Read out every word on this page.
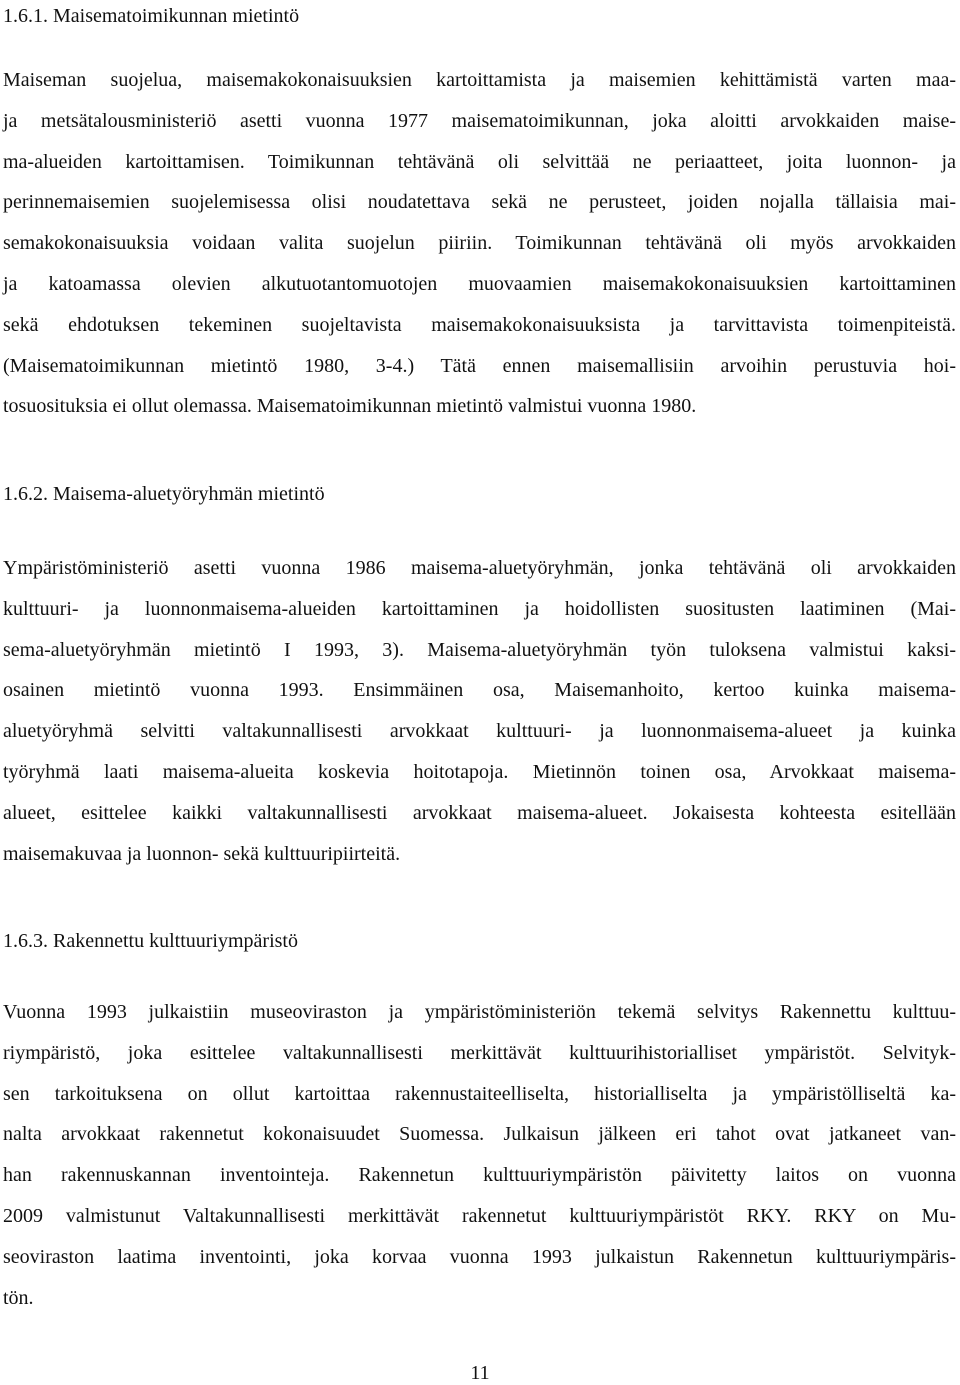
1.6.1. Maisematoimikunnan mietintö
Maiseman suojelua, maisemakokonaisuuksien kartoittamista ja maisemien kehittämistä varten maa-
ja metsätalousministeriö asetti vuonna 1977 maisematoimikunnan, joka aloitti arvokkaiden maise-
ma-alueiden kartoittamisen. Toimikunnan tehtävänä oli selvittää ne periaatteet, joita luonnon- ja
perinnemaisemien suojelemisessa olisi noudatettava sekä ne perusteet, joiden nojalla tällaisia mai-
semakokonaisuuksia voidaan valita suojelun piiriin. Toimikunnan tehtävänä oli myös arvokkaiden
ja katoamassa olevien alkutuotantomuotojen muovaamien maisemakokonaisuuksien kartoittaminen
sekä ehdotuksen tekeminen suojeltavista maisemakokonaisuuksista ja tarvittavista toimenpiteistä.
(Maisematoimikunnan mietintö 1980, 3-4.) Tätä ennen maisemallisiin arvoihin perustuvia hoi-
tosuosituksia ei ollut olemassa. Maisematoimikunnan mietintö valmistui vuonna 1980.
1.6.2. Maisema-aluetyöryhmän mietintö
Ympäristöministeriö asetti vuonna 1986 maisema-aluetyöryhmän, jonka tehtävänä oli arvokkaiden
kulttuuri- ja luonnonmaisema-alueiden kartoittaminen ja hoidollisten suositusten laatiminen (Mai-
sema-aluetyöryhmän mietintö I 1993, 3). Maisema-aluetyöryhmän työn tuloksena valmistui kaksi-
osainen mietintö vuonna 1993. Ensimmäinen osa, Maisemanhoito, kertoo kuinka maisema-
aluetyöryhmä selvitti valtakunnallisesti arvokkaat kulttuuri- ja luonnonmaisema-alueet ja kuinka
työryhmä laati maisema-alueita koskevia hoitotapoja. Mietinnön toinen osa, Arvokkaat maisema-
alueet, esittelee kaikki valtakunnallisesti arvokkaat maisema-alueet. Jokaisesta kohteesta esitellään
maisemakuvaa ja luonnon- sekä kulttuuripiirteitä.
1.6.3. Rakennettu kulttuuriympäristö
Vuonna 1993 julkaistiin museoviraston ja ympäristöministeriön tekemä selvitys Rakennettu kulttuu-
riympäristö, joka esittelee valtakunnallisesti merkittävät kulttuurihistorialliset ympäristöt. Selvityk-
sen tarkoituksena on ollut kartoittaa rakennustaiteelliselta, historialliselta ja ympäristölliseltä ka-
nalta arvokkaat rakennetut kokonaisuudet Suomessa. Julkaisun jälkeen eri tahot ovat jatkaneet van-
han rakennuskannan inventointeja. Rakennetun kulttuuriympäristön päivitetty laitos on vuonna
2009 valmistunut Valtakunnallisesti merkittävät rakennetut kulttuuriympäristöt RKY. RKY on Mu-
seoviraston laatima inventointi, joka korvaa vuonna 1993 julkaistun Rakennetun kulttuuriympäris-
tön.
11
